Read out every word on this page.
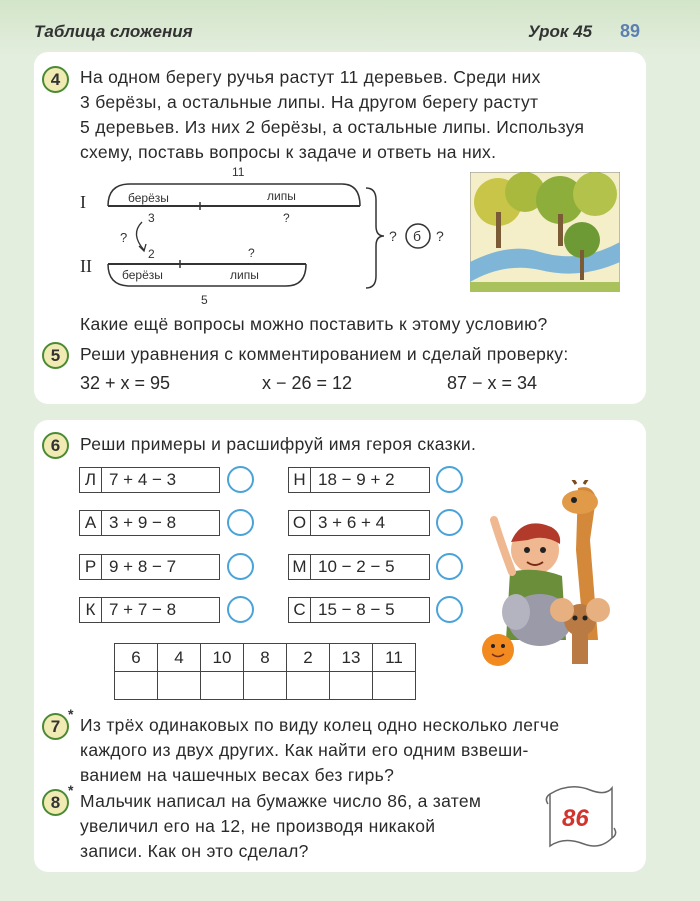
Таблица сложения	Урок 45 89
4	На одном берегу ручья растут 11 деревьев. Среди них
3 берёзы, а остальные липы. На другом берегу растут
5 деревьев. Из них 2 берёзы, а остальные липы. Используя
схему, поставь вопросы к задаче и ответь на них.
I
II
11
берёзы	липы
3	?
?
2	?
берёзы	липы
5
? б ?
Какие ещё вопросы можно поставить к этому условию?
5	Реши уравнения с комментированием и сделай проверку:
32 + x = 95	x − 26 = 12	87 − x = 34
6	Реши примеры и расшифруй имя героя сказки.
Л 7 + 4 − 3
А 3 + 9 − 8
Р 9 + 8 − 7
К 7 + 7 − 8
Н 18 − 9 + 2
О 3 + 6 + 4
М 10 − 2 − 5
С 15 − 8 − 5
6	4	10	8	2	13	11

7
*
Из трёх одинаковых по виду колец одно несколько легче
каждого из двух других. Как найти его одним взвеши-
ванием на чашечных весах без гирь?
8
*
Мальчик написал на бумажке число 86, а затем
увеличил его на 12, не производя никакой
записи. Как он это сделал?
86
